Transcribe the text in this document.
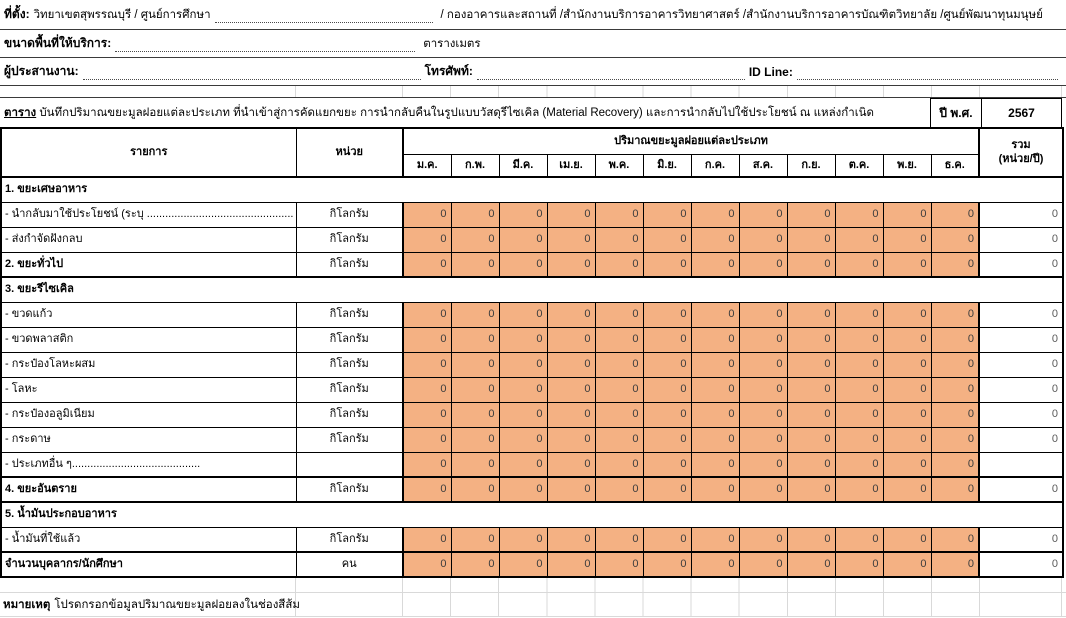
ที่ตั้ง: วิทยาเขตสุพรรณบุรี / ศูนย์การศึกษา	/ กองอาคารและสถานที่ /สำนักงานบริการอาคารวิทยาศาสตร์ /สำนักงานบริการอาคารบัณฑิตวิทยาลัย /ศูนย์พัฒนาทุนมนุษย์
ขนาดพื้นที่ให้บริการ:	ตารางเมตร
ผู้ประสานงาน:	โทรศัพท์:	ID Line:
ตาราง บันทึกปริมาณขยะมูลฝอยแต่ละประเภท ที่นำเข้าสู่การคัดแยกขยะ การนำกลับคืนในรูปแบบวัสดุรีไซเคิล (Material Recovery) และการนำกลับไปใช้ประโยชน์ ณ แหล่งกำเนิด	ปี พ.ศ.	2567
รายการ	หน่วย	ปริมาณขยะมูลฝอยแต่ละประเภท												รวม
(หน่วย/ปี)

		ม.ค.	ก.พ.	มี.ค.	เม.ย.	พ.ค.	มิ.ย.	ก.ค.	ส.ค.	ก.ย.	ต.ค.	พ.ย.	ธ.ค.	
1. ขยะเศษอาหาร														
- นำกลับมาใช้ประโยชน์ (ระบุ ................................................	กิโลกรัม	0	0	0	0	0	0	0	0	0	0	0	0	0
- ส่งกำจัดฝังกลบ	กิโลกรัม	0	0	0	0	0	0	0	0	0	0	0	0	0
2. ขยะทั่วไป	กิโลกรัม	0	0	0	0	0	0	0	0	0	0	0	0	0
3. ขยะรีไซเคิล														
- ขวดแก้ว	กิโลกรัม	0	0	0	0	0	0	0	0	0	0	0	0	0
- ขวดพลาสติก	กิโลกรัม	0	0	0	0	0	0	0	0	0	0	0	0	0
- กระป๋องโลหะผสม	กิโลกรัม	0	0	0	0	0	0	0	0	0	0	0	0	0
- โลหะ	กิโลกรัม	0	0	0	0	0	0	0	0	0	0	0	0	0
- กระป๋องอลูมิเนียม	กิโลกรัม	0	0	0	0	0	0	0	0	0	0	0	0	0
- กระดาษ	กิโลกรัม	0	0	0	0	0	0	0	0	0	0	0	0	0
- ประเภทอื่น ๆ..........................................		0	0	0	0	0	0	0	0	0	0	0	0	
4. ขยะอันตราย	กิโลกรัม	0	0	0	0	0	0	0	0	0	0	0	0	0
5. น้ำมันประกอบอาหาร														
- น้ำมันที่ใช้แล้ว	กิโลกรัม	0	0	0	0	0	0	0	0	0	0	0	0	0
จำนวนบุคลากร/นักศึกษา	คน	0	0	0	0	0	0	0	0	0	0	0	0	0
หมายเหตุ โปรดกรอกข้อมูลปริมาณขยะมูลฝอยลงในช่องสีส้ม
